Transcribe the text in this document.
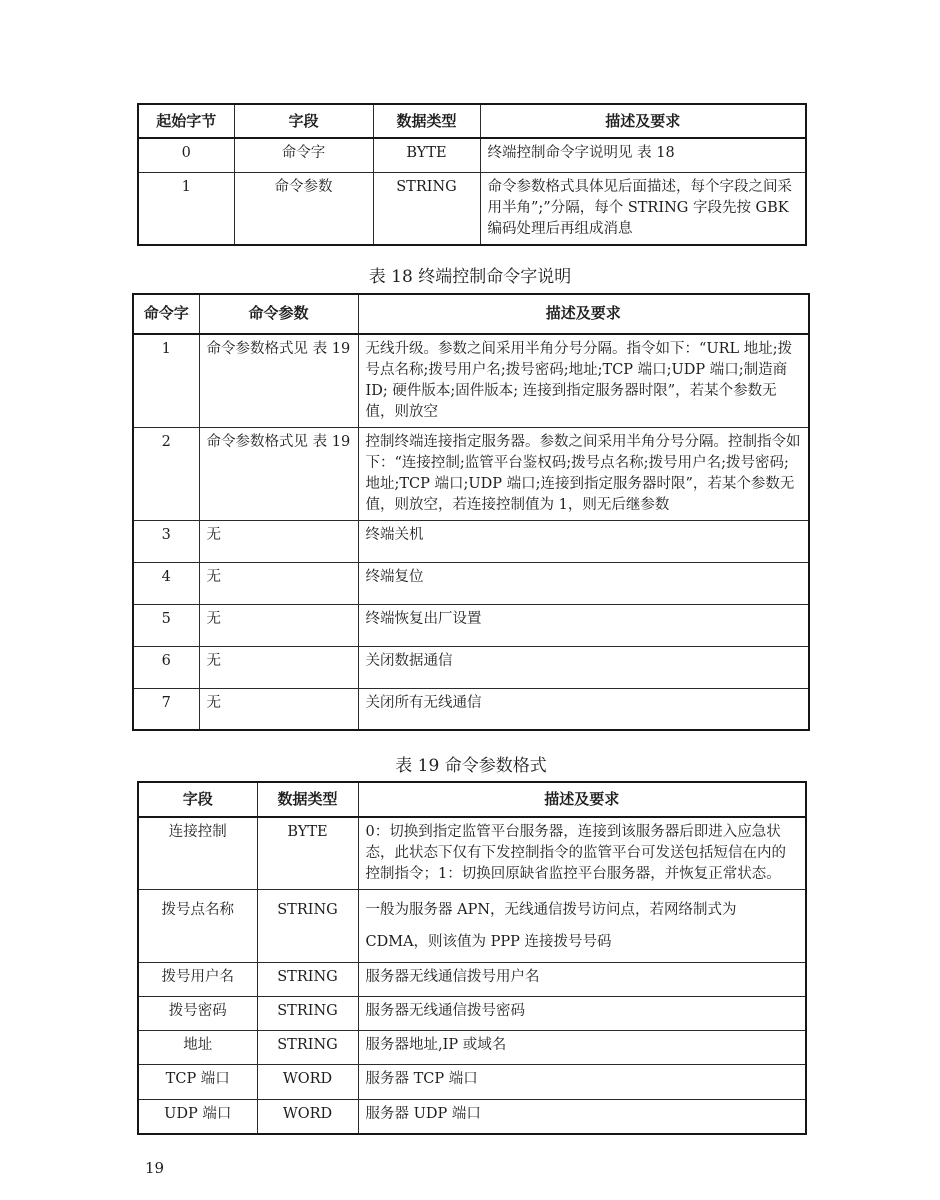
起始字节	字段	数据类型	描述及要求
0	命令字	BYTE	终端控制命令字说明见 表 18
1	命令参数	STRING	命令参数格式具体见后面描述，每个字段之间采用半角”;”分隔，每个 STRING 字段先按 GBK 编码处理后再组成消息
表 18 终端控制命令字说明
命令字	命令参数	描述及要求
1	命令参数格式见 表 19	无线升级。参数之间采用半角分号分隔。指令如下：“URL 地址;拨号点名称;拨号用户名;拨号密码;地址;TCP 端口;UDP 端口;制造商 ID; 硬件版本;固件版本; 连接到指定服务器时限”，若某个参数无值，则放空
2	命令参数格式见 表 19	控制终端连接指定服务器。参数之间采用半角分号分隔。控制指令如下：“连接控制;监管平台鉴权码;拨号点名称;拨号用户名;拨号密码;地址;TCP 端口;UDP 端口;连接到指定服务器时限”，若某个参数无值，则放空，若连接控制值为 1，则无后继参数
3	无	终端关机
4	无	终端复位
5	无	终端恢复出厂设置
6	无	关闭数据通信
7	无	关闭所有无线通信
表 19 命令参数格式
字段	数据类型	描述及要求
连接控制	BYTE	0：切换到指定监管平台服务器，连接到该服务器后即进入应急状态，此状态下仅有下发控制指令的监管平台可发送包括短信在内的控制指令；1：切换回原缺省监控平台服务器，并恢复正常状态。
拨号点名称	STRING	一般为服务器 APN，无线通信拨号访问点，若网络制式为 CDMA，则该值为 PPP 连接拨号号码
拨号用户名	STRING	服务器无线通信拨号用户名
拨号密码	STRING	服务器无线通信拨号密码
地址	STRING	服务器地址,IP 或域名
TCP 端口	WORD	服务器 TCP 端口
UDP 端口	WORD	服务器 UDP 端口
19
